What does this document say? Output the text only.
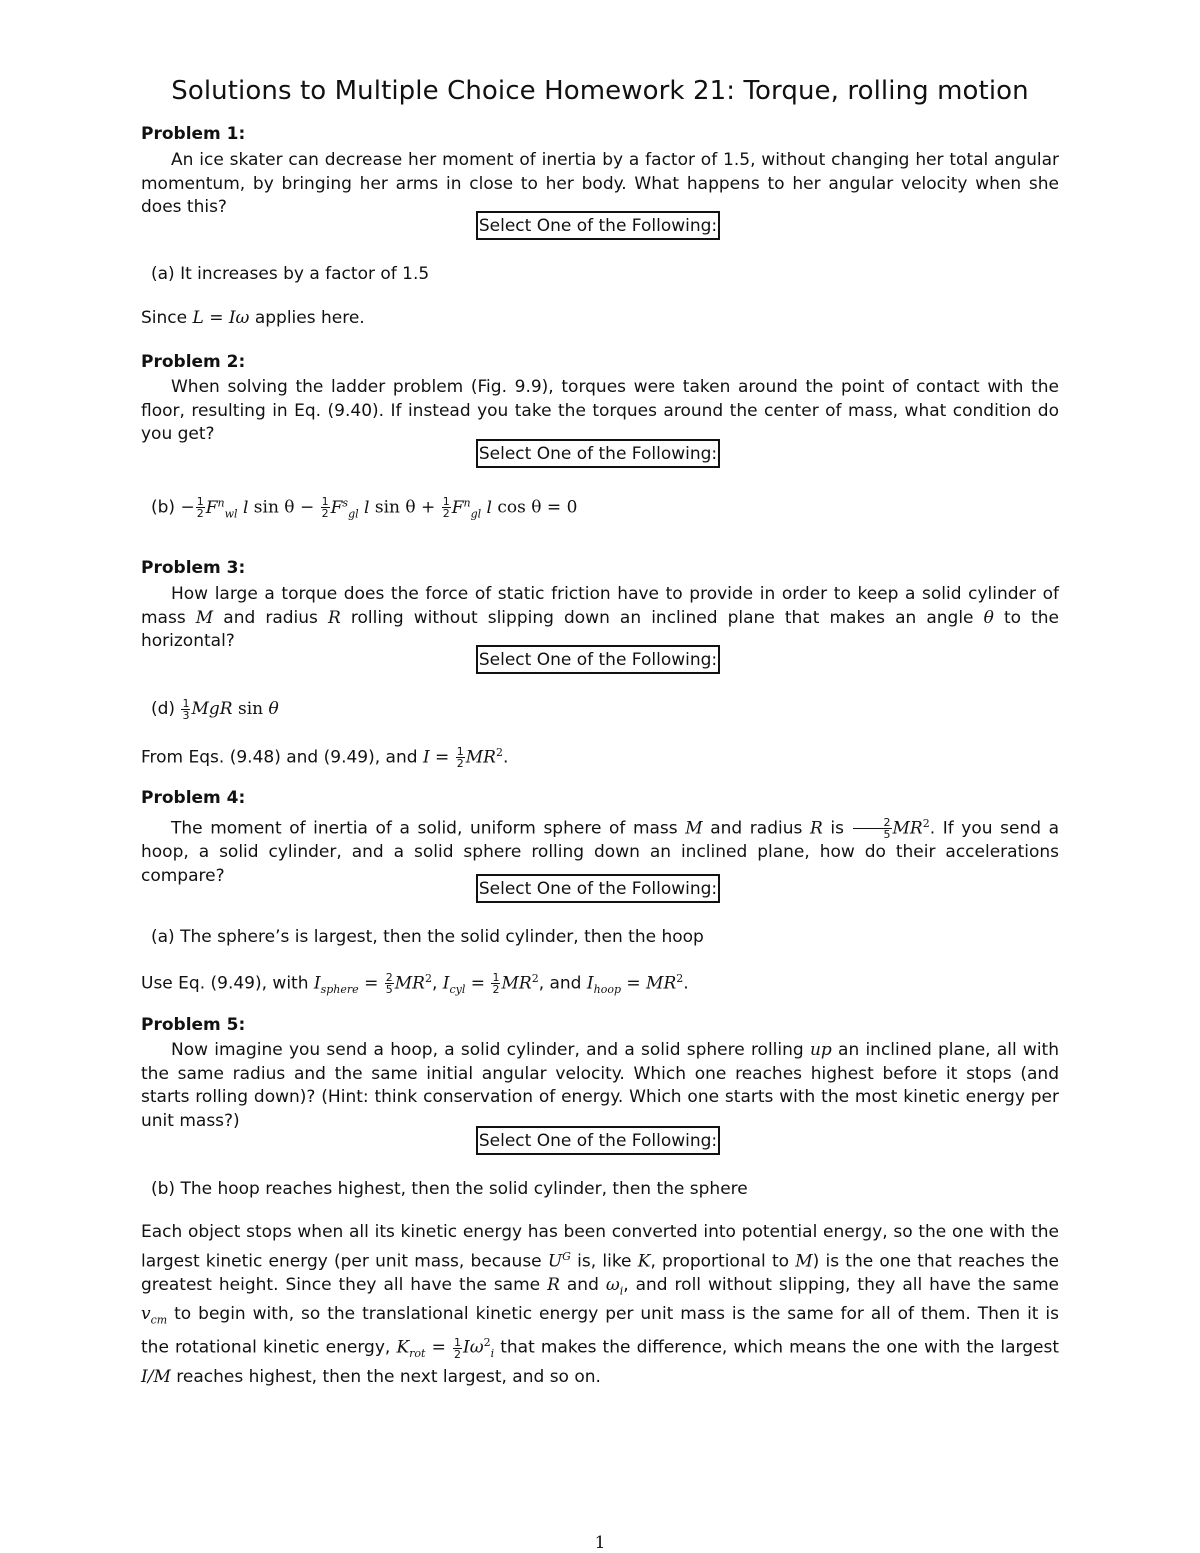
Solutions to Multiple Choice Homework 21: Torque, rolling motion
Problem 1:
An ice skater can decrease her moment of inertia by a factor of 1.5, without changing her total angular momentum, by bringing her arms in close to her body. What happens to her angular velocity when she does this?
Select One of the Following:
(a) It increases by a factor of 1.5
Since L = Iω applies here.
Problem 2:
When solving the ladder problem (Fig. 9.9), torques were taken around the point of contact with the floor, resulting in Eq. (9.40). If instead you take the torques around the center of mass, what condition do you get?
Select One of the Following:
$(b) - \frac{1}{2} F^n_{wl}$ l $\sin \theta - \frac{1}{2} F^s_{gl}$ l $\sin \theta + \frac{1}{2} F^n_{gl}$ l cos θ = 0
Problem 3:
How large a torque does the force of static friction have to provide in order to keep a solid cylinder of mass M and radius R rolling without slipping down an inclined plane that makes an angle θ to the horizontal?
Select One of the Following:
$(d) \frac{1}{3}$ MgR sin θ
From Eqs. (9.48) and (9.49), and $I = \frac{1}{2} MR^2$.
Problem 4:
The moment of inertia of a solid, uniform sphere of mass M and radius R is $\frac{2}{5} MR^2$. If you send a hoop, a solid cylinder, and a solid sphere rolling down an inclined plane, how do their accelerations compare?
Select One of the Following:
(a) The sphere’s is largest, then the solid cylinder, then the hoop
Use Eq. (9.49), with $I_{sphere} = \frac{2}{5} MR^2$, $I_{cyl} = \frac{1}{2} MR^2$, and $I_{hoop} = MR^2$.
Problem 5:
Now imagine you send a hoop, a solid cylinder, and a solid sphere rolling up an inclined plane, all with the same radius and the same initial angular velocity. Which one reaches highest before it stops (and starts rolling down)? (Hint: think conservation of energy. Which one starts with the most kinetic energy per unit mass?)
Select One of the Following:
(b) The hoop reaches highest, then the solid cylinder, then the sphere
Each object stops when all its kinetic energy has been converted into potential energy, so the one with the largest kinetic energy (per unit mass, because $U^G$ is, like K, proportional to M) is the one that reaches the greatest height. Since they all have the same R and $\omega_i$, and roll without slipping, they all have the same $v_{cm}$ to begin with, so the translational kinetic energy per unit mass is the same for all of them. Then it is the rotational kinetic energy, $K_{rot} = \frac{1}{2} I\omega^2_i$ that makes the difference, which means the one with the largest I/M reaches highest, then the next largest, and so on.
1
